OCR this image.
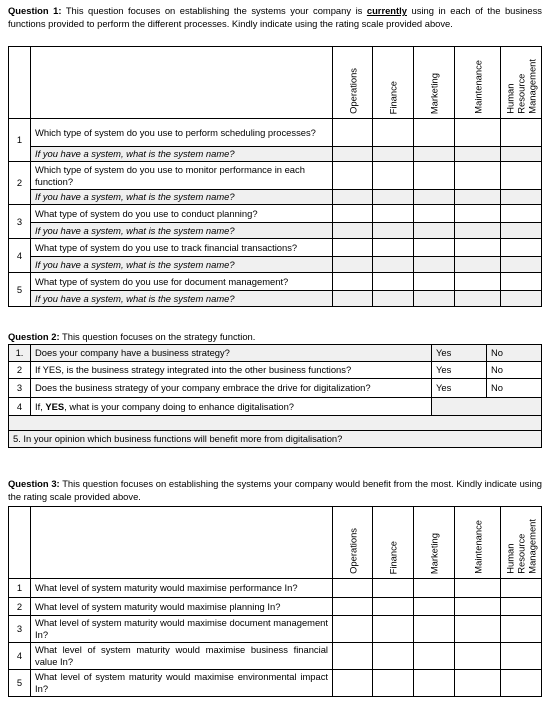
Question 1: This question focuses on establishing the systems your company is currently using in each of the business functions provided to perform the different processes. Kindly indicate using the rating scale provided above.

		Operations	Finance	Marketing	Maintenance	Human
Resource
Management

1	Which type of system do you use to perform scheduling processes?					
	If you have a system, what is the system name?					
2	Which type of system do you use to monitor performance in each function?					
	If you have a system, what is the system name?					
3	What type of system do you use to conduct planning?					
	If you have a system, what is the system name?					
4	What type of system do you use to track financial transactions?					
	If you have a system, what is the system name?					
5	What type of system do you use for document management?					
	If you have a system, what is the system name?					
Question 2: This question focuses on the strategy function.
1.	Does your company have a business strategy?	Yes	No
2	If YES, is the business strategy integrated into the other business functions?	Yes	No
3	Does the business strategy of your company embrace the drive for digitalization?	Yes	No
4	If, YES, what is your company doing to enhance digitalisation?		

5. In your opinion which business functions will benefit more from digitalisation?			
Question 3: This question focuses on establishing the systems your company would benefit from the most. Kindly indicate using the rating scale provided above.

		Operations	Finance	Marketing	Maintenance	Human
Resource
Management

1	What level of system maturity would maximise performance In?					
2	What level of system maturity would maximise planning In?					
3	What level of system maturity would maximise document management In?					
4	What level of system maturity would maximise business financial value In?					
5	What level of system maturity would maximise environmental impact In?					
